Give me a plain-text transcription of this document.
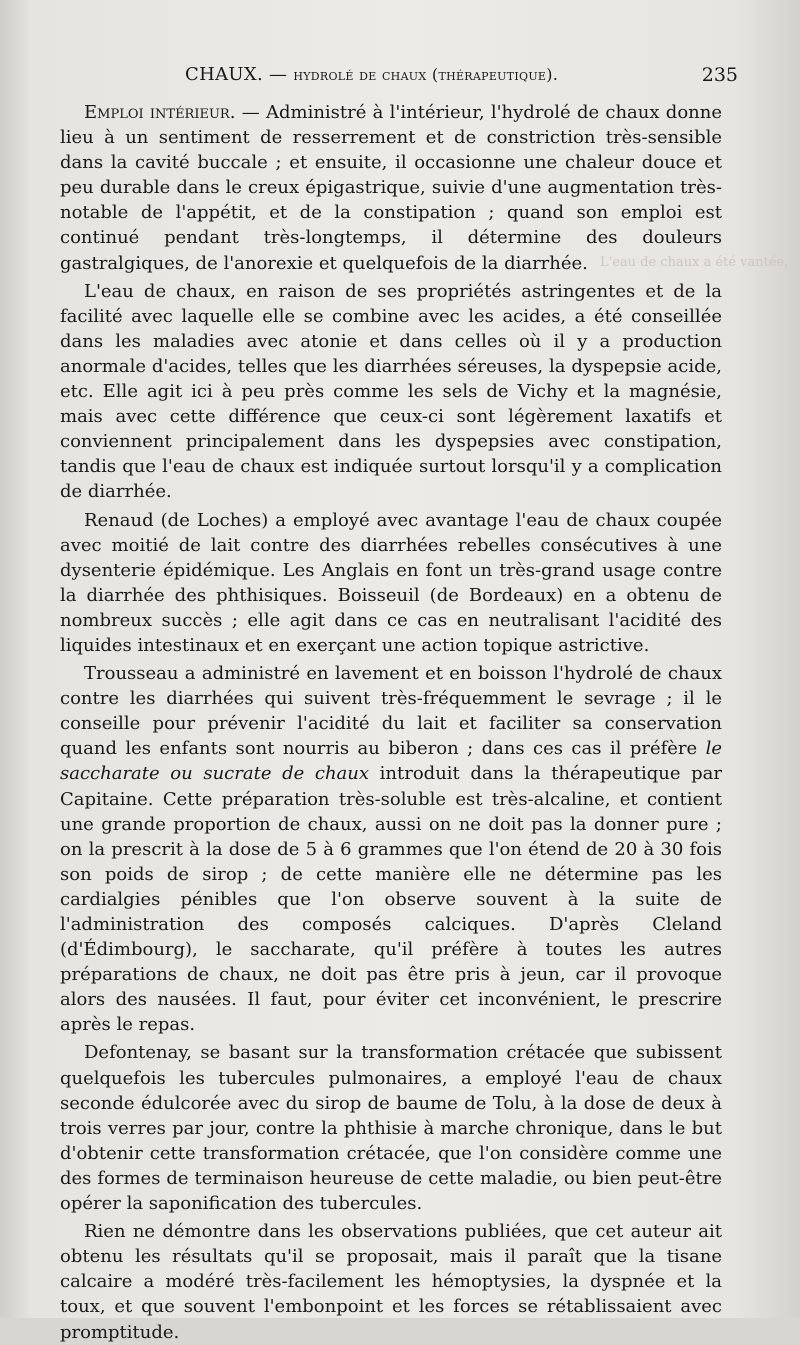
L'eau de chaux a été vantée,
CHAUX. — hydrolé de chaux (thérapeutique).	235

Emploi intérieur. — Administré à l'intérieur, l'hydrolé de chaux donne lieu à un sentiment de resserrement et de constriction très-sensible dans la cavité buccale ; et ensuite, il occasionne une chaleur douce et peu durable dans le creux épigastrique, suivie d'une augmentation très-notable de l'appétit, et de la constipation ; quand son emploi est continué pendant très-longtemps, il détermine des douleurs gastralgiques, de l'anorexie et quelquefois de la diarrhée.

L'eau de chaux, en raison de ses propriétés astringentes et de la facilité avec laquelle elle se combine avec les acides, a été conseillée dans les maladies avec atonie et dans celles où il y a production anormale d'acides, telles que les diarrhées séreuses, la dyspepsie acide, etc. Elle agit ici à peu près comme les sels de Vichy et la magnésie, mais avec cette différence que ceux-ci sont légèrement laxatifs et conviennent principalement dans les dyspepsies avec constipation, tandis que l'eau de chaux est indiquée surtout lorsqu'il y a complication de diarrhée.

Renaud (de Loches) a employé avec avantage l'eau de chaux coupée avec moitié de lait contre des diarrhées rebelles consécutives à une dysenterie épidémique. Les Anglais en font un très-grand usage contre la diarrhée des phthisiques. Boisseuil (de Bordeaux) en a obtenu de nombreux succès ; elle agit dans ce cas en neutralisant l'acidité des liquides intestinaux et en exerçant une action topique astrictive.

Trousseau a administré en lavement et en boisson l'hydrolé de chaux contre les diarrhées qui suivent très-fréquemment le sevrage ; il le conseille pour prévenir l'acidité du lait et faciliter sa conservation quand les enfants sont nourris au biberon ; dans ces cas il préfère le saccharate ou sucrate de chaux introduit dans la thérapeutique par Capitaine. Cette préparation très-soluble est très-alcaline, et contient une grande proportion de chaux, aussi on ne doit pas la donner pure ; on la prescrit à la dose de 5 à 6 grammes que l'on étend de 20 à 30 fois son poids de sirop ; de cette manière elle ne détermine pas les cardialgies pénibles que l'on observe souvent à la suite de l'administration des composés calciques. D'après Cleland (d'Édimbourg), le saccharate, qu'il préfère à toutes les autres préparations de chaux, ne doit pas être pris à jeun, car il provoque alors des nausées. Il faut, pour éviter cet inconvénient, le prescrire après le repas.

Defontenay, se basant sur la transformation crétacée que subissent quelquefois les tubercules pulmonaires, a employé l'eau de chaux seconde édulcorée avec du sirop de baume de Tolu, à la dose de deux à trois verres par jour, contre la phthisie à marche chronique, dans le but d'obtenir cette transformation crétacée, que l'on considère comme une des formes de terminaison heureuse de cette maladie, ou bien peut-être opérer la saponification des tubercules.

Rien ne démontre dans les observations publiées, que cet auteur ait obtenu les résultats qu'il se proposait, mais il paraît que la tisane calcaire a modéré très-facilement les hémoptysies, la dyspnée et la toux, et que souvent l'embonpoint et les forces se rétablissaient avec promptitude.
